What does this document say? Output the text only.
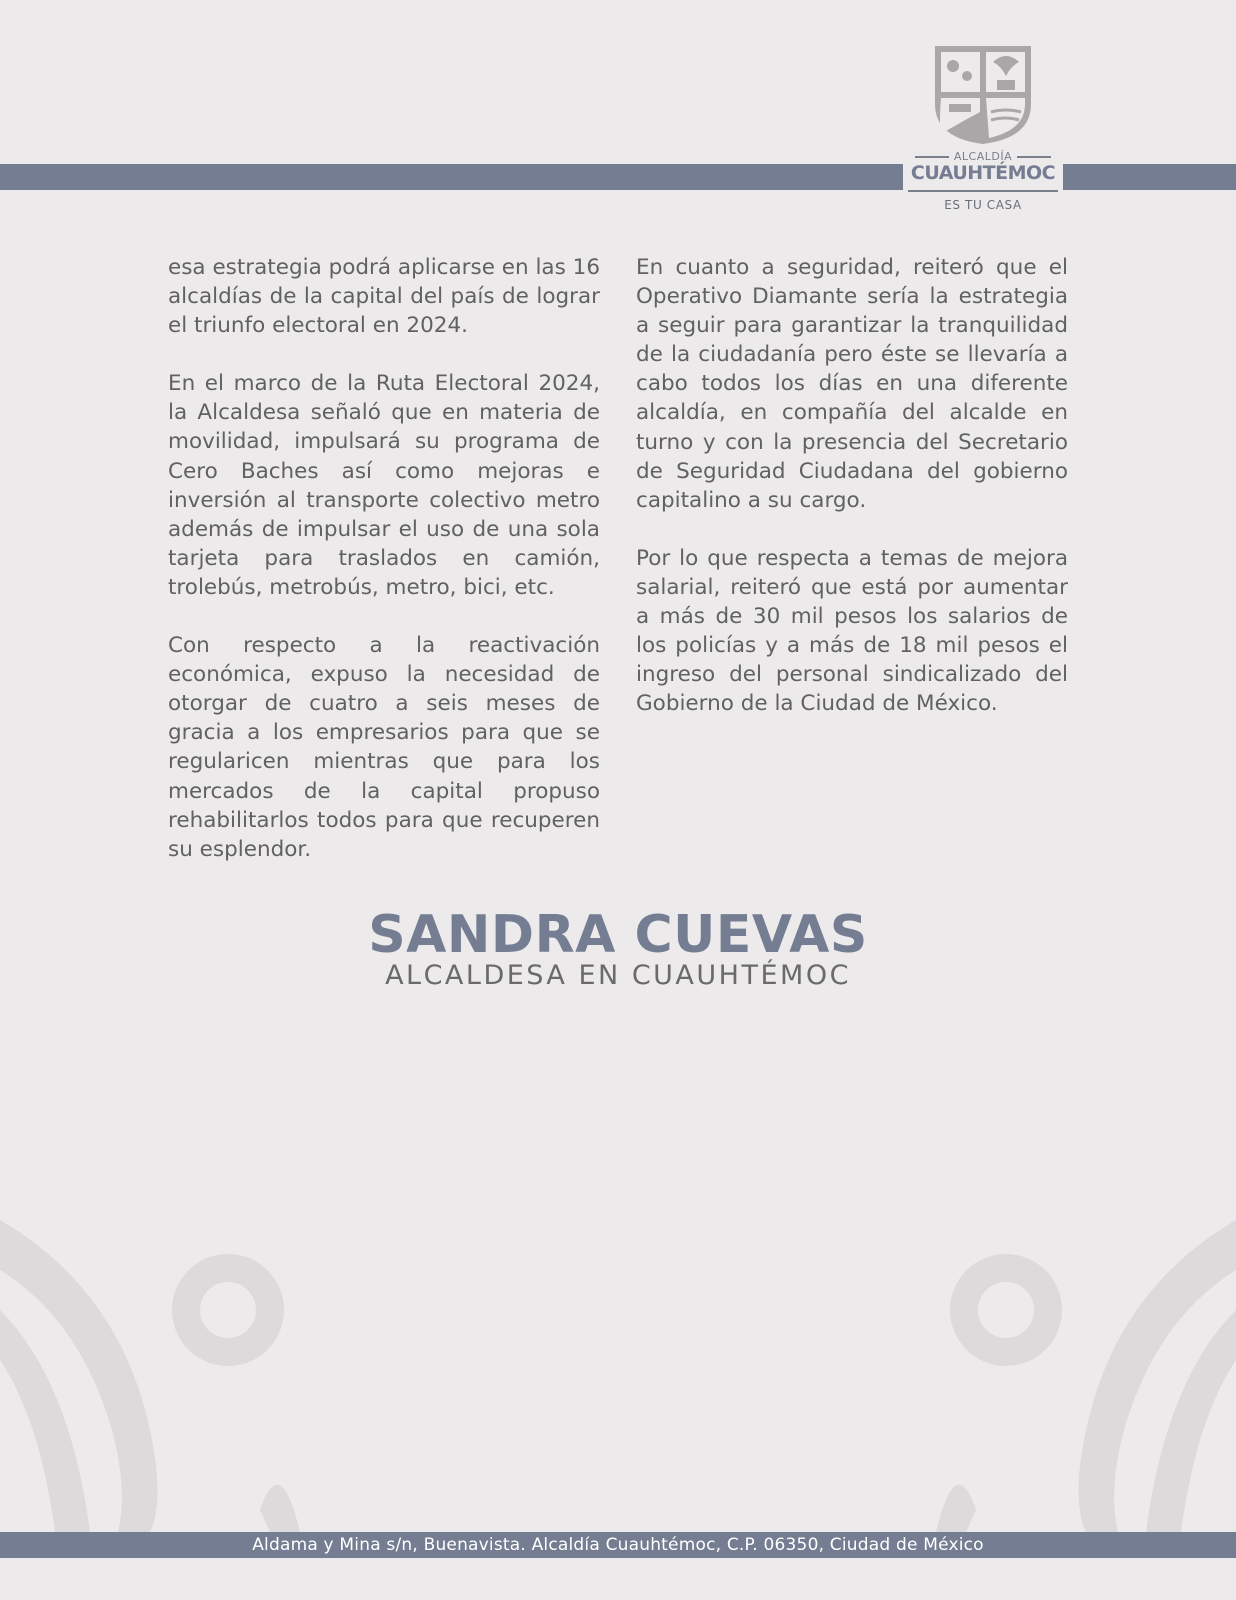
ALCALDÍA
CUAUHTÉMOC
ES TU CASA

esa estrategia podrá aplicarse en las 16 alcaldías de la capital del país de lograr el triunfo electoral en 2024.

En el marco de la Ruta Electoral 2024, la Alcaldesa señaló que en materia de movilidad, impulsará su programa de Cero Baches así como mejoras e inversión al transporte colectivo metro además de impulsar el uso de una sola tarjeta para traslados en camión, trolebús, metrobús, metro, bici, etc.

Con respecto a la reactivación económica, expuso la necesidad de otorgar de cuatro a seis meses de gracia a los empresarios para que se regularicen mientras que para los mercados de la capital propuso rehabilitarlos todos para que recuperen su esplendor.

En cuanto a seguridad, reiteró que el Operativo Diamante sería la estrategia a seguir para garantizar la tranquilidad de la ciudadanía pero éste se llevaría a cabo todos los días en una diferente alcaldía, en compañía del alcalde en turno y con la presencia del Secretario de Seguridad Ciudadana del gobierno capitalino a su cargo.

Por lo que respecta a temas de mejora salarial, reiteró que está por aumentar a más de 30 mil pesos los salarios de los policías y a más de 18 mil pesos el ingreso del personal sindicalizado del Gobierno de la Ciudad de México.

SANDRA CUEVAS
ALCALDESA EN CUAUHTÉMOC
Aldama y Mina s/n, Buenavista. Alcaldía Cuauhtémoc, C.P. 06350, Ciudad de México
